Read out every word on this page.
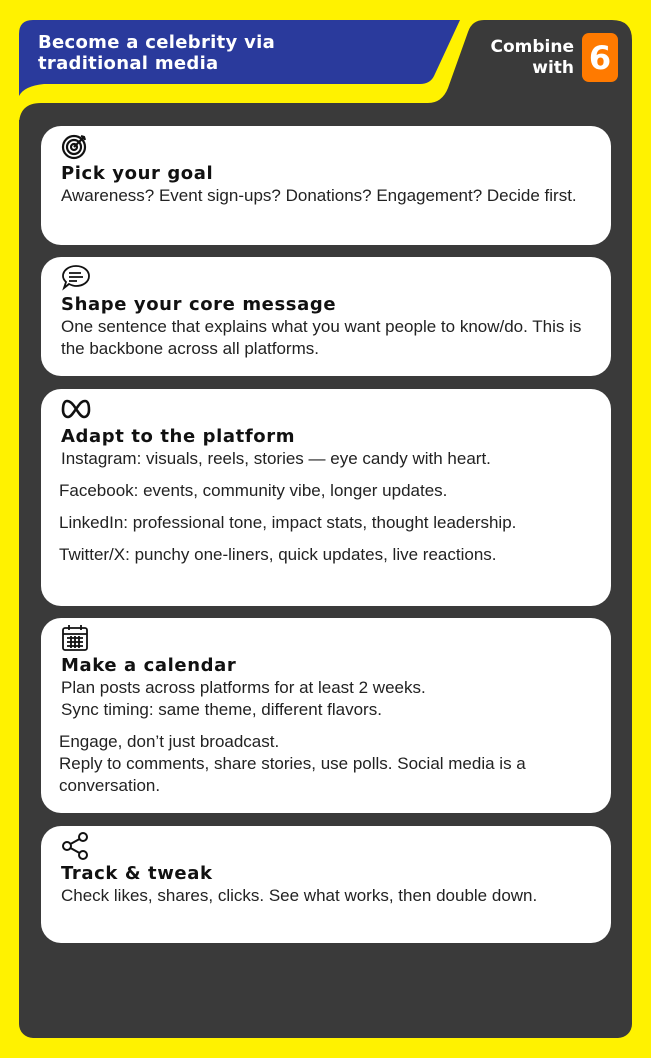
Become a celebrity via
traditional media
Combine
with 6
Pick your goal

Awareness? Event sign-ups? Donations? Engagement? Decide first.

Shape your core message

One sentence that explains what you want people to know/do. This is the backbone across all platforms.

Adapt to the platform

Instagram: visuals, reels, stories — eye candy with heart.

Facebook: events, community vibe, longer updates.

LinkedIn: professional tone, impact stats, thought leadership.

Twitter/X: punchy one-liners, quick updates, live reactions.

Make a calendar

Plan posts across platforms for at least 2 weeks.

Sync timing: same theme, different flavors.

Engage, don’t just broadcast.

Reply to comments, share stories, use polls. Social media is a conversation.

Track & tweak

Check likes, shares, clicks. See what works, then double down.
